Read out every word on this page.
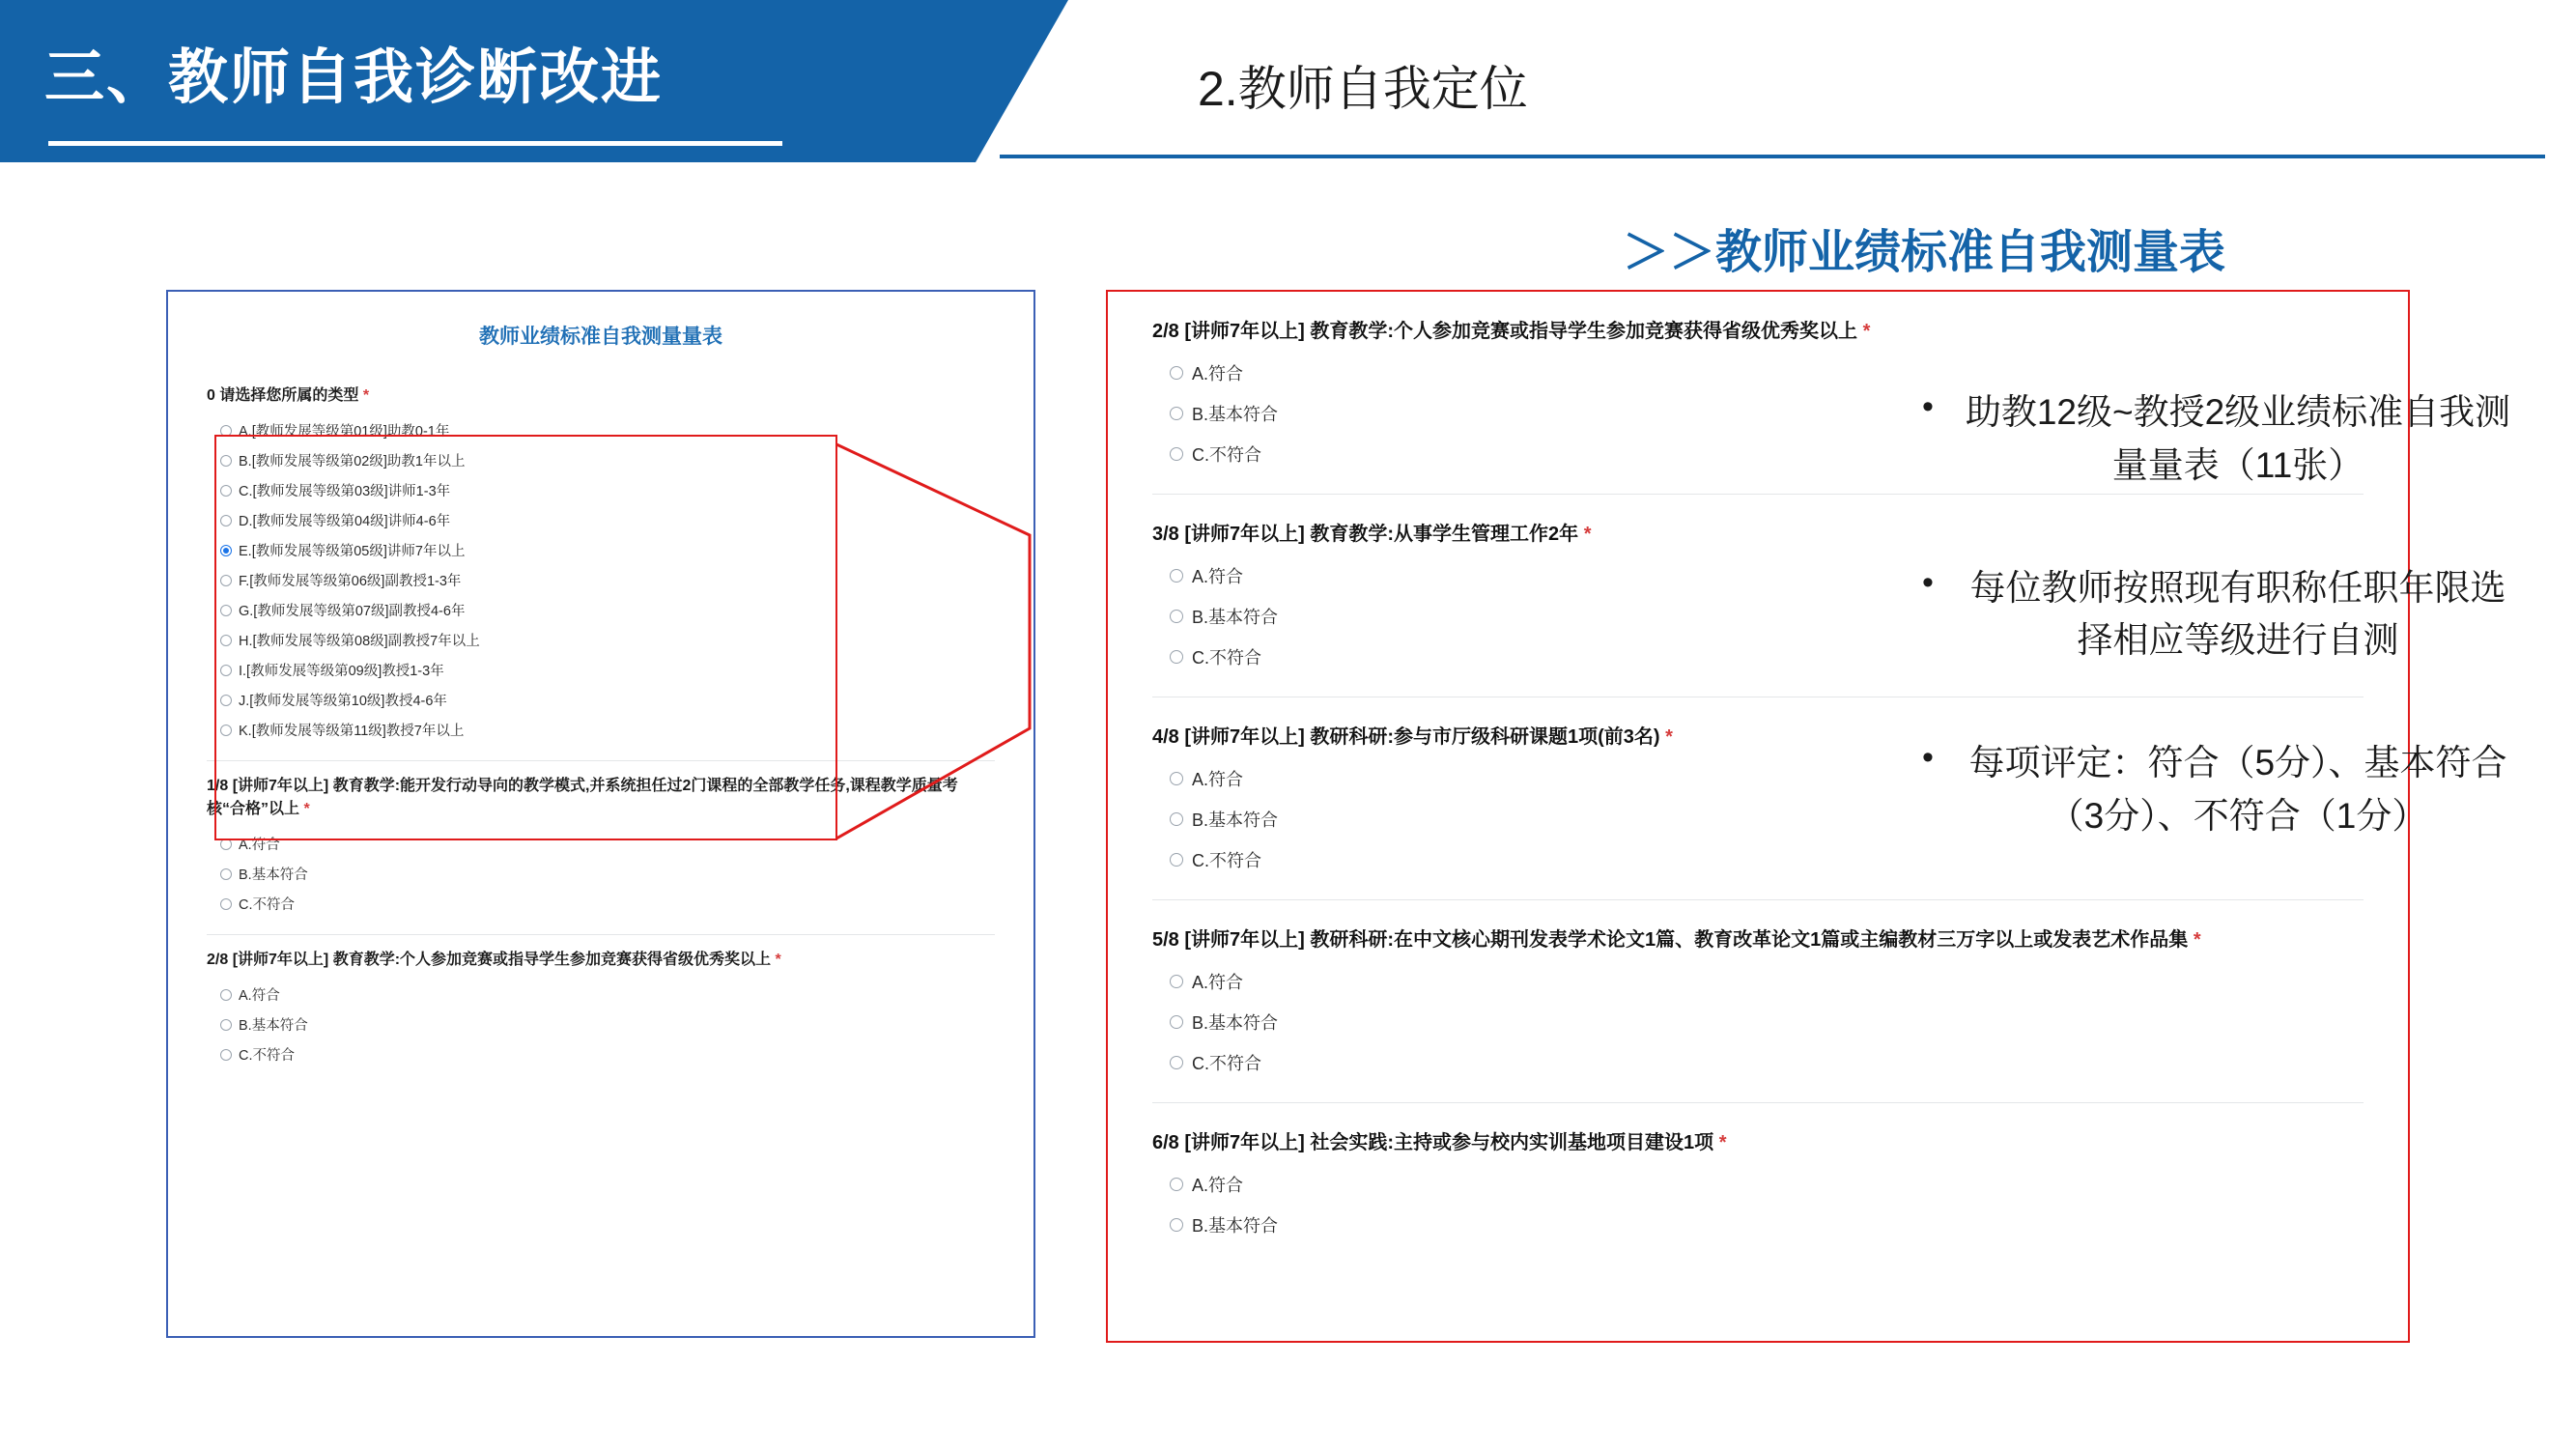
三、教师自我诊断改进	2.教师自我定位
＞＞教师业绩标准自我测量表
教师业绩标准自我测量量表
0 请选择您所属的类型 *
A.[教师发展等级第01级]助教0-1年
B.[教师发展等级第02级]助教1年以上
C.[教师发展等级第03级]讲师1-3年
D.[教师发展等级第04级]讲师4-6年
E.[教师发展等级第05级]讲师7年以上
F.[教师发展等级第06级]副教授1-3年
G.[教师发展等级第07级]副教授4-6年
H.[教师发展等级第08级]副教授7年以上
I.[教师发展等级第09级]教授1-3年
J.[教师发展等级第10级]教授4-6年
K.[教师发展等级第11级]教授7年以上
1/8 [讲师7年以上] 教育教学:能开发行动导向的教学模式,并系统担任过2门课程的全部教学任务,课程教学质量考核“合格”以上 *
A.符合
B.基本符合
C.不符合
2/8 [讲师7年以上] 教育教学:个人参加竞赛或指导学生参加竞赛获得省级优秀奖以上 *
A.符合
B.基本符合
C.不符合
2/8 [讲师7年以上] 教育教学:个人参加竞赛或指导学生参加竞赛获得省级优秀奖以上 *
A.符合
B.基本符合
C.不符合
3/8 [讲师7年以上] 教育教学:从事学生管理工作2年 *
A.符合
B.基本符合
C.不符合
4/8 [讲师7年以上] 教研科研:参与市厅级科研课题1项(前3名) *
A.符合
B.基本符合
C.不符合
5/8 [讲师7年以上] 教研科研:在中文核心期刊发表学术论文1篇、教育改革论文1篇或主编教材三万字以上或发表艺术作品集 *
A.符合
B.基本符合
C.不符合
6/8 [讲师7年以上] 社会实践:主持或参与校内实训基地项目建设1项 *
A.符合
B.基本符合
• 助教12级~教授2级业绩标准自我测量量表（11张）
•	每位教师按照现有职称任职年限选择相应等级进行自测
• 每项评定：符合（5分）、基本符合（3分）、不符合（1分）
